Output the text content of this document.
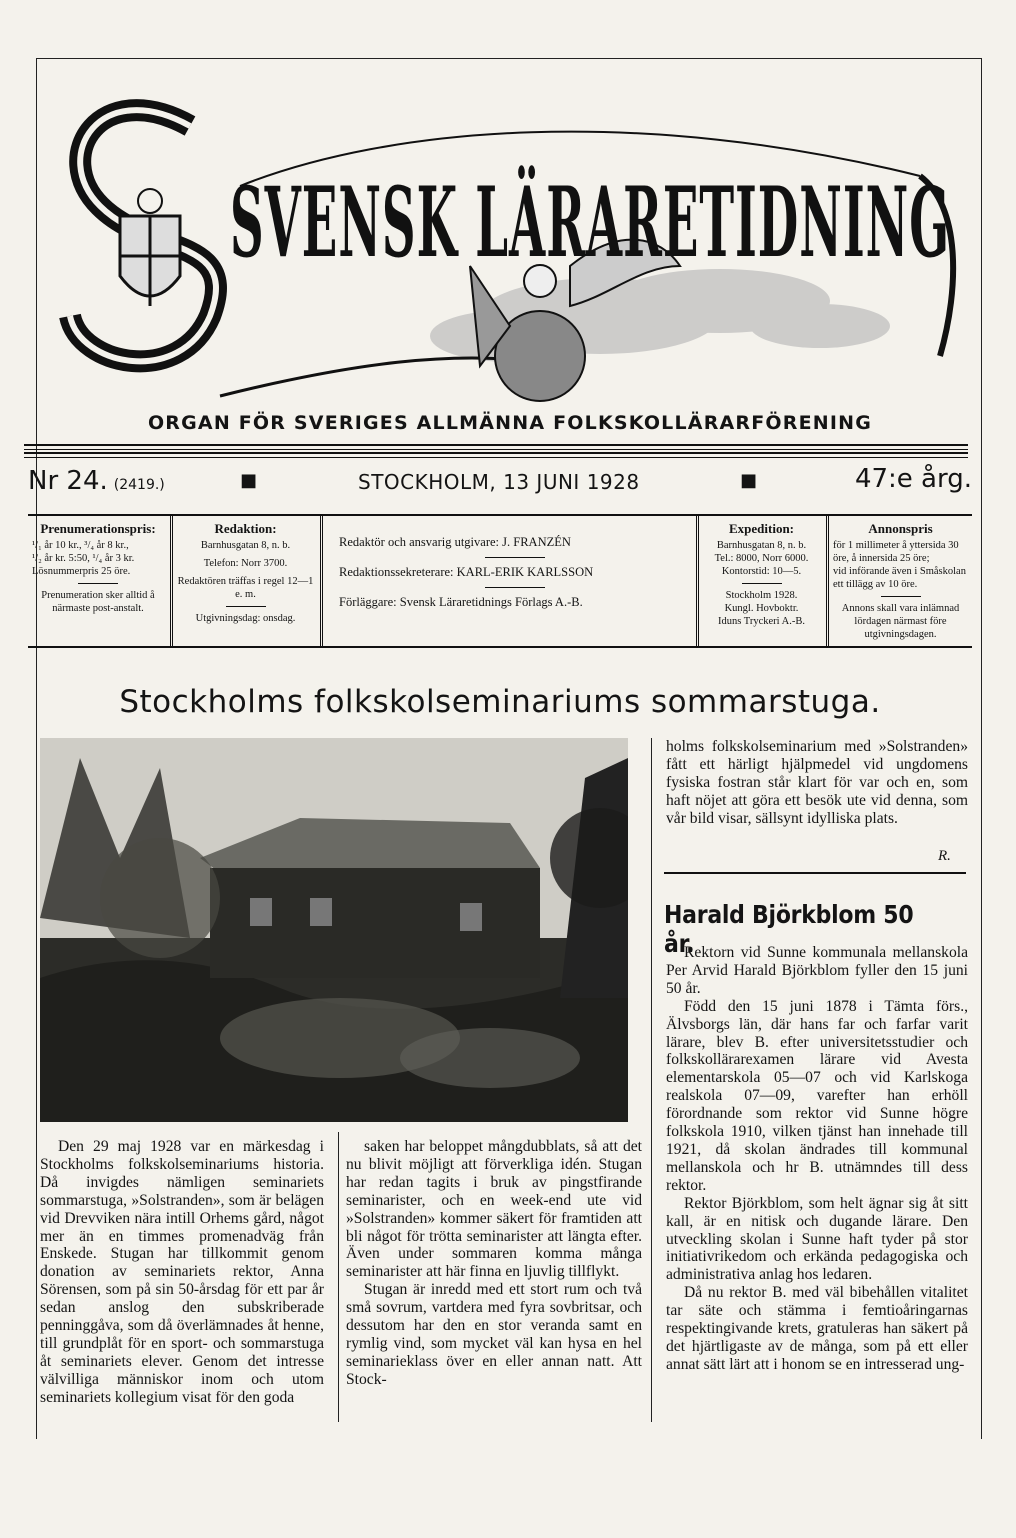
SVENSK LÄRARETIDNING
ORGAN FÖR SVERIGES ALLMÄNNA FOLKSKOLLÄRARFÖRENING
Nr 24. (2419.)	■	STOCKHOLM, 13 JUNI 1928	■	47:e årg.
Prenumerationspris:
¹/₁ år 10 kr., ³/₄ år 8 kr.,
¹/₂ år kr. 5:50, ¹/₄ år 3 kr.
Lösnummerpris 25 öre.
Prenumeration sker alltid å närmaste post-anstalt.
Redaktion:
Barnhusgatan 8, n. b.
Telefon: Norr 3700.
Redaktören träffas i regel 12—1 e. m.
Utgivningsdag: onsdag.
Redaktör och ansvarig utgivare: J. FRANZÉN
Redaktionssekreterare: KARL-ERIK KARLSSON
Förläggare: Svensk Läraretidnings Förlags A.-B.
Expedition:
Barnhusgatan 8, n. b.
Tel.: 8000, Norr 6000.
Kontorstid: 10—5.
Stockholm 1928.
Kungl. Hovboktr.
Iduns Tryckeri A.-B.
Annonspris
för 1 millimeter å yttersida 30 öre, å innersida 25 öre;
vid införande även i Småskolan ett tillägg av 10 öre.
Annons skall vara inlämnad lördagen närmast före utgivningsdagen.
Stockholms folkskolseminariums sommarstuga.

Den 29 maj 1928 var en märkesdag i Stockholms folkskolseminariums historia. Då invigdes nämligen seminariets sommarstuga, »Solstranden», som är belägen vid Drevviken nära intill Orhems gård, något mer än en timmes promenadväg från Enskede. Stugan har tillkommit genom donation av seminariets rektor, Anna Sörensen, som på sin 50-årsdag för ett par år sedan anslog den subskriberade penninggåva, som då överlämnades åt henne, till grundplåt för en sport- och sommarstuga åt seminariets elever. Genom det intresse välvilliga människor inom och utom seminariets kollegium visat för den goda

saken har beloppet mångdubblats, så att det nu blivit möjligt att förverkliga idén. Stugan har redan tagits i bruk av pingstfirande seminarister, och en week-end ute vid »Solstranden» kommer säkert för framtiden att bli något för trötta seminarister att längta efter. Även under sommaren komma många seminarister att här finna en ljuvlig tillflykt.

Stugan är inredd med ett stort rum och två små sovrum, vartdera med fyra sovbritsar, och dessutom har den en stor veranda samt en rymlig vind, som mycket väl kan hysa en hel seminarieklass över en eller annan natt. Att Stock-

holms folkskolseminarium med »Solstranden» fått ett härligt hjälpmedel vid ungdomens fysiska fostran står klart för var och en, som haft nöjet att göra ett besök ute vid denna, som vår bild visar, sällsynt idylliska plats.

R.
Harald Björkblom 50 år.

Rektorn vid Sunne kommunala mellanskola Per Arvid Harald Björkblom fyller den 15 juni 50 år.

Född den 15 juni 1878 i Tämta förs., Älvsborgs län, där hans far och farfar varit lärare, blev B. efter universitetsstudier och folkskollärarexamen lärare vid Avesta elementarskola 05—07 och vid Karlskoga realskola 07—09, varefter han erhöll förordnande som rektor vid Sunne högre folkskola 1910, vilken tjänst han innehade till 1921, då skolan ändrades till kommunal mellanskola och hr B. utnämndes till dess rektor.

Rektor Björkblom, som helt ägnar sig åt sitt kall, är en nitisk och dugande lärare. Den utveckling skolan i Sunne haft tyder på stor initiativrikedom och erkända pedagogiska och administrativa anlag hos ledaren.

Då nu rektor B. med väl bibehållen vitalitet tar säte och stämma i femtioåringarnas respektingivande krets, gratuleras han säkert på det hjärtligaste av de många, som på ett eller annat sätt lärt att i honom se en intresserad ung-
